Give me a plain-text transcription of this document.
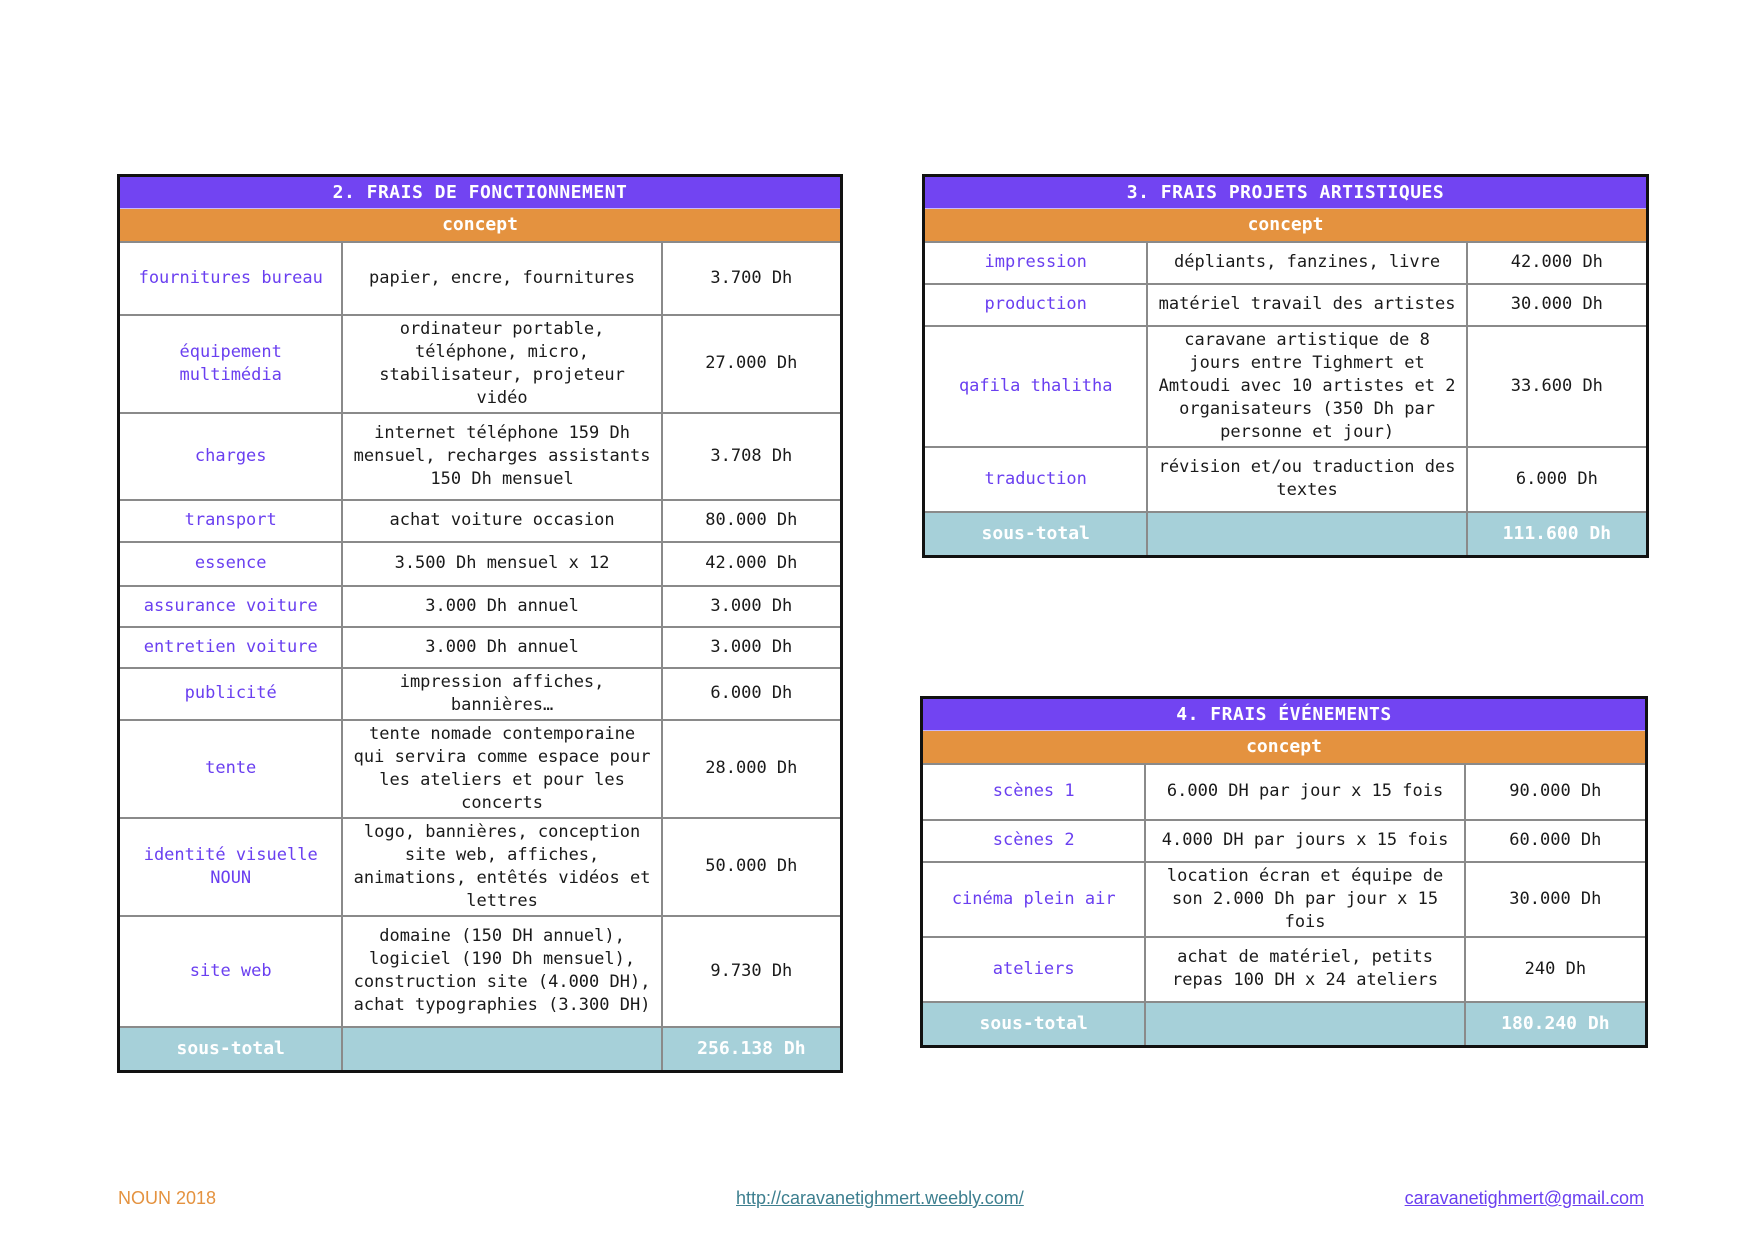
2. FRAIS DE FONCTIONNEMENT		
concept		
fournitures bureau	papier, encre, fournitures	3.700 Dh
équipement multimédia	ordinateur portable, téléphone, micro, stabilisateur, projeteur vidéo	27.000 Dh
charges	internet téléphone 159 Dh mensuel, recharges assistants 150 Dh mensuel	3.708 Dh
transport	achat voiture occasion	80.000 Dh
essence	3.500 Dh mensuel x 12	42.000 Dh
assurance voiture	3.000 Dh annuel	3.000 Dh
entretien voiture	3.000 Dh annuel	3.000 Dh
publicité	impression affiches, bannières…	6.000 Dh
tente	tente nomade contemporaine qui servira comme espace pour les ateliers et pour les concerts	28.000 Dh
identité visuelle NOUN	logo, bannières, conception site web, affiches, animations, entêtés vidéos et lettres	50.000 Dh
site web	domaine (150 DH annuel), logiciel (190 Dh mensuel), construction site (4.000 DH), achat typographies (3.300 DH)	9.730 Dh
sous-total		256.138 Dh
3. FRAIS PROJETS ARTISTIQUES		
concept		
impression	dépliants, fanzines, livre	42.000 Dh
production	matériel travail des artistes	30.000 Dh
qafila thalitha	caravane artistique de 8 jours entre Tighmert et Amtoudi avec 10 artistes et 2 organisateurs (350 Dh par personne et jour)	33.600 Dh
traduction	révision et/ou traduction des textes	6.000 Dh
sous-total		111.600 Dh
4. FRAIS ÉVÉNEMENTS		
concept		
scènes 1	6.000 DH par jour x 15 fois	90.000 Dh
scènes 2	4.000 DH par jours x 15 fois	60.000 Dh
cinéma plein air	location écran et équipe de son 2.000 Dh par jour x 15 fois	30.000 Dh
ateliers	achat de matériel, petits repas 100 DH x 24 ateliers	240 Dh
sous-total		180.240 Dh
NOUN 2018	http://caravanetighmert.weebly.com/	caravanetighmert@gmail.com
